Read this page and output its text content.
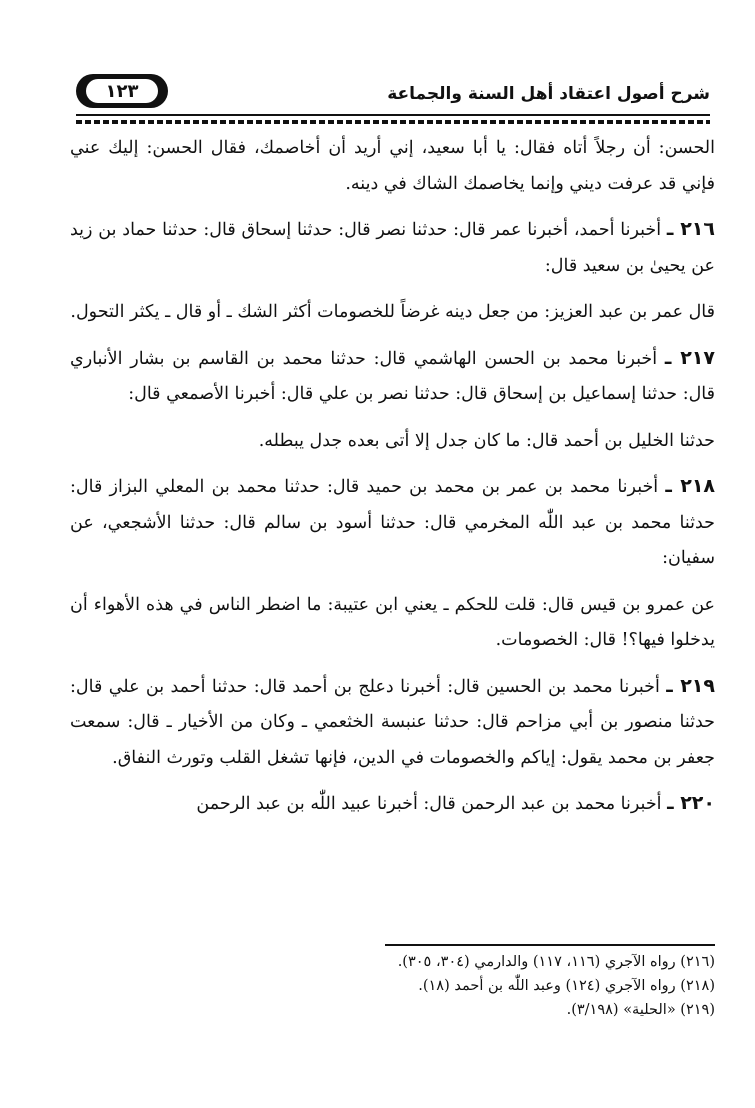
١٢٣	شرح أصول اعتقاد أهل السنة والجماعة

الحسن: أن رجلاً أتاه فقال: يا أبا سعيد، إني أريد أن أخاصمك، فقال الحسن: إليك عني فإني قد عرفت ديني وإنما يخاصمك الشاك في دينه.

٢١٦ ـ أخبرنا أحمد، أخبرنا عمر قال: حدثنا نصر قال: حدثنا إسحاق قال: حدثنا حماد بن زيد عن يحيىٰ بن سعيد قال:

قال عمر بن عبد العزيز: من جعل دينه غرضاً للخصومات أكثر الشك ـ أو قال ـ يكثر التحول.

٢١٧ ـ أخبرنا محمد بن الحسن الهاشمي قال: حدثنا محمد بن القاسم بن بشار الأنباري قال: حدثنا إسماعيل بن إسحاق قال: حدثنا نصر بن علي قال: أخبرنا الأصمعي قال:

حدثنا الخليل بن أحمد قال: ما كان جدل إلا أتى بعده جدل يبطله.

٢١٨ ـ أخبرنا محمد بن عمر بن محمد بن حميد قال: حدثنا محمد بن المعلي البزاز قال: حدثنا محمد بن عبد اللّٰه المخرمي قال: حدثنا أسود بن سالم قال: حدثنا الأشجعي، عن سفيان:

عن عمرو بن قيس قال: قلت للحكم ـ يعني ابن عتيبة: ما اضطر الناس في هذه الأهواء أن يدخلوا فيها؟! قال: الخصومات.

٢١٩ ـ أخبرنا محمد بن الحسين قال: أخبرنا دعلج بن أحمد قال: حدثنا أحمد بن علي قال: حدثنا منصور بن أبي مزاحم قال: حدثنا عنبسة الخثعمي ـ وكان من الأخيار ـ قال: سمعت جعفر بن محمد يقول: إياكم والخصومات في الدين، فإنها تشغل القلب وتورث النفاق.

٢٢٠ ـ أخبرنا محمد بن عبد الرحمن قال: أخبرنا عبيد اللّٰه بن عبد الرحمن

(٢١٦) رواه الآجري (١١٦، ١١٧) والدارمي (٣٠٤، ٣٠٥).

(٢١٨) رواه الآجري (١٢٤) وعبد اللّٰه بن أحمد (١٨).

(٢١٩) «الحلية» (٣/١٩٨).
